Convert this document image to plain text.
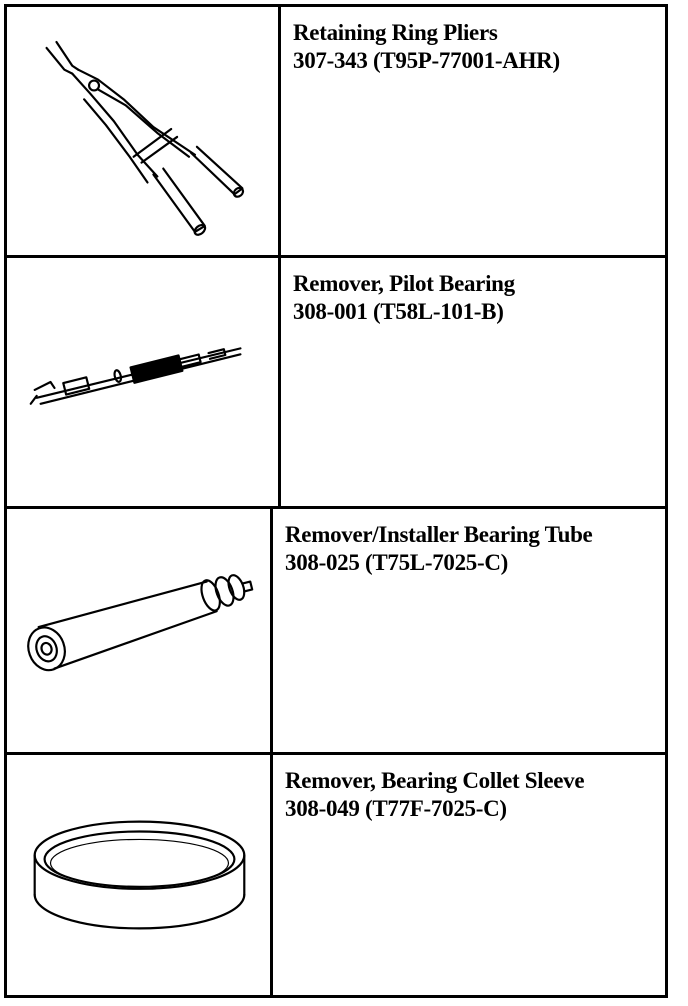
Retaining Ring Pliers
307-343 (T95P-77001-AHR)
Remover, Pilot Bearing
308-001 (T58L-101-B)
Remover/Installer Bearing Tube
308-025 (T75L-7025-C)
Remover, Bearing Collet Sleeve
308-049 (T77F-7025-C)
